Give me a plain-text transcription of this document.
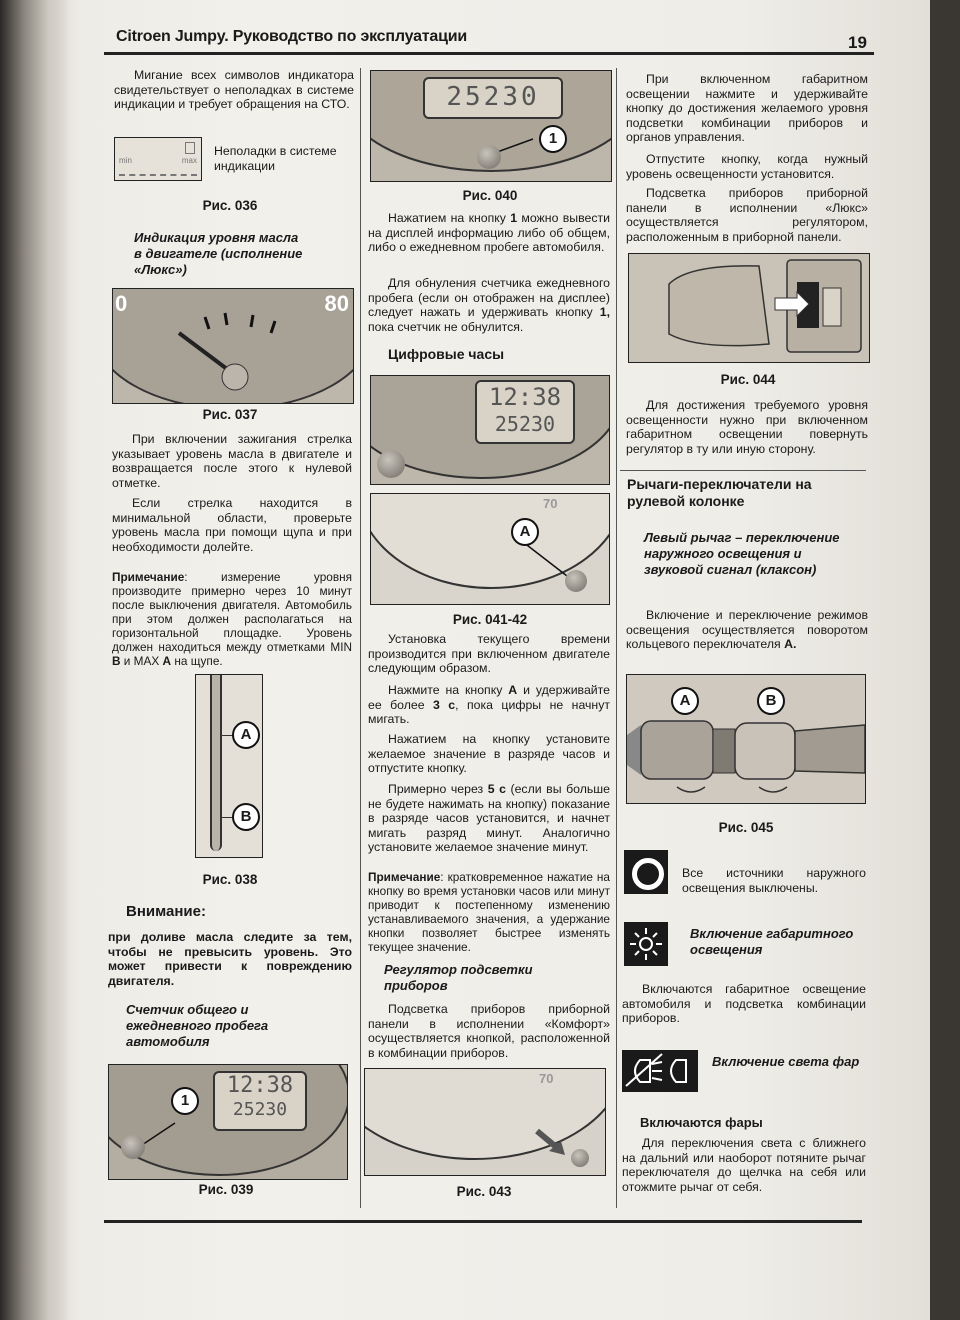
Citroen Jumpy. Руководство по эксплуатации	19

Мигание всех символов индикатора свидетельствует о неполадках в системе индикации и требует обращения на СТО.

min	max

Неполадки в системе индикации

Рис. 036
Индикация уровня масла в двигателе (исполнение «Люкс»)
0	80
Рис. 037

При включении зажигания стрелка указывает уровень масла в двигателе и возвращается после этого к нулевой отметке.

Если стрелка находится в минимальной области, проверьте уровень масла при помощи щупа и при необходимости долейте.

Примечание: измерение уровня производите примерно через 10 минут после выключения двигателя. Автомобиль при этом должен располагаться на горизонтальной площадке. Уровень должен находиться между отметками MIN B и MAX A на щупе.

A
B
Рис. 038
Внимание:

при доливе масла следите за тем, чтобы не превысить уровень. Это может привести к повреждению двигателя.

Счетчик общего и ежедневного пробега автомобиля
1
12:38
25230
Рис. 039
25230
1
Рис. 040

Нажатием на кнопку 1 можно вывести на дисплей информацию либо об общем, либо о ежедневном пробеге автомобиля.

Для обнуления счетчика ежедневного пробега (если он отображен на дисплее) следует нажать и удерживать кнопку 1, пока счетчик не обнулится.

Цифровые часы
12:38
25230
70
A
Рис. 041-42

Установка текущего времени производится при включенном двигателе следующим образом.

Нажмите на кнопку A и удерживайте ее более 3 с, пока цифры не начнут мигать.

Нажатием на кнопку установите желаемое значение в разряде часов и отпустите кнопку.

Примерно через 5 с (если вы больше не будете нажимать на кнопку) показание в разряде часов установится, и начнет мигать разряд минут. Аналогично установите желаемое значение минут.

Примечание: кратковременное нажатие на кнопку во время установки часов или минут приводит к постепенному изменению устанавливаемого значения, а удержание кнопки позволяет быстрее изменять текущее значение.

Регулятор подсветки приборов

Подсветка приборов приборной панели в исполнении «Комфорт» осуществляется кнопкой, расположенной в комбинации приборов.

70
Рис. 043

При включенном габаритном освещении нажмите и удерживайте кнопку до достижения желаемого уровня подсветки комбинации приборов и органов управления.

Отпустите кнопку, когда нужный уровень освещенности установится.

Подсветка приборов приборной панели в исполнении «Люкс» осуществляется регулятором, расположенным в приборной панели.

Рис. 044

Для достижения требуемого уровня освещенности нужно при включенном габаритном освещении повернуть регулятор в ту или иную сторону.

Рычаги-переключатели на рулевой колонке
Левый рычаг – переключение наружного освещения и звуковой сигнал (клаксон)

Включение и переключение режимов освещения осуществляется поворотом кольцевого переключателя A.

A	B
Рис. 045

Все источники наружного освещения выключены.

Включение габаритного освещения

Включаются габаритное освещение автомобиля и подсветка комбинации приборов.

Включение света фар
Включаются фары

Для переключения света с ближнего на дальний или наоборот потяните рычаг переключателя до щелчка на себя или отожмите рычаг от себя.
